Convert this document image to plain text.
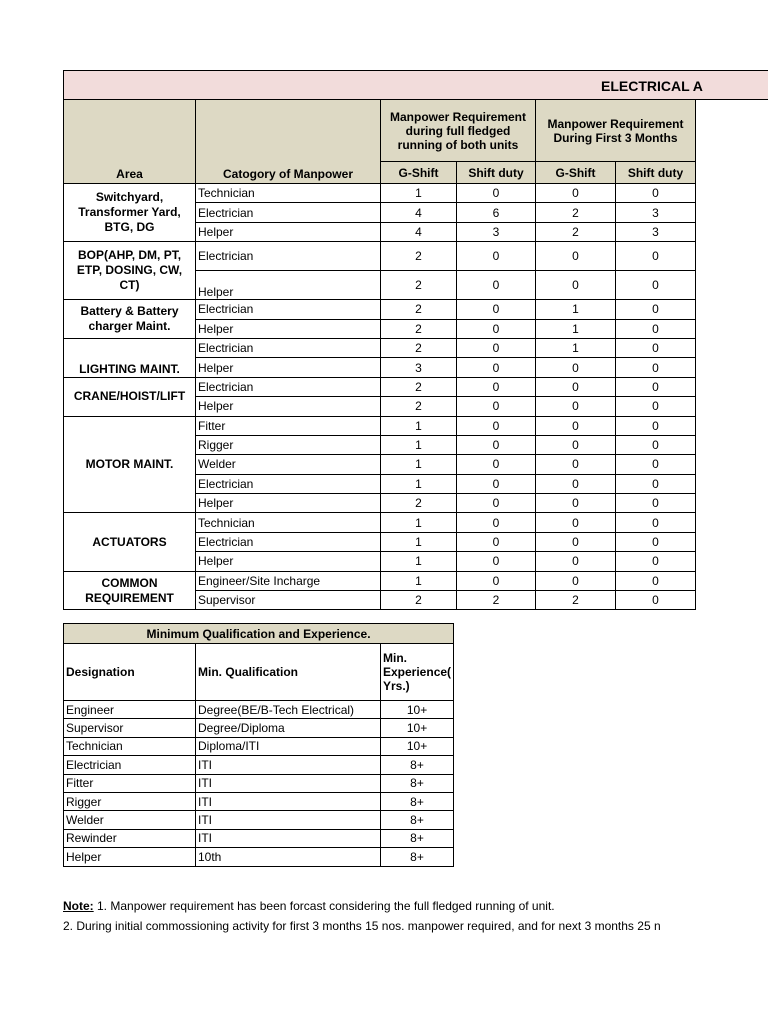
ELECTRICAL A
Area	Catogory of Manpower	Manpower Requirement during full fledged running of both units		Manpower Requirement During First 3 Months	
		G-Shift	Shift duty	G-Shift	Shift duty
Switchyard, Transformer Yard, BTG, DG	Technician	1	0	0	0
	Electrician	4	6	2	3
	Helper	4	3	2	3
BOP(AHP, DM, PT, ETP, DOSING, CW, CT)	Electrician	2	0	0	0
	Helper	2	0	0	0
Battery & Battery charger Maint.	Electrician	2	0	1	0
	Helper	2	0	1	0
LIGHTING MAINT.	Electrician	2	0	1	0
	Helper	3	0	0	0
CRANE/HOIST/LIFT	Electrician	2	0	0	0
	Helper	2	0	0	0
MOTOR MAINT.	Fitter	1	0	0	0
	Rigger	1	0	0	0
	Welder	1	0	0	0
	Electrician	1	0	0	0
	Helper	2	0	0	0
ACTUATORS	Technician	1	0	0	0
	Electrician	1	0	0	0
	Helper	1	0	0	0
COMMON REQUIREMENT	Engineer/Site Incharge	1	0	0	0
	Supervisor	2	2	2	0
Minimum Qualification and Experience.		
Designation	Min. Qualification	Min. Experience( Yrs.)
Engineer	Degree(BE/B-Tech Electrical)	10+
Supervisor	Degree/Diploma	10+
Technician	Diploma/ITI	10+
Electrician	ITI	8+
Fitter	ITI	8+
Rigger	ITI	8+
Welder	ITI	8+
Rewinder	ITI	8+
Helper	10th	8+
Note: 1. Manpower requirement has been forcast considering the full fledged running of unit.
2. During initial commossioning activity for first 3 months 15 nos. manpower required, and for next 3 months 25 n
